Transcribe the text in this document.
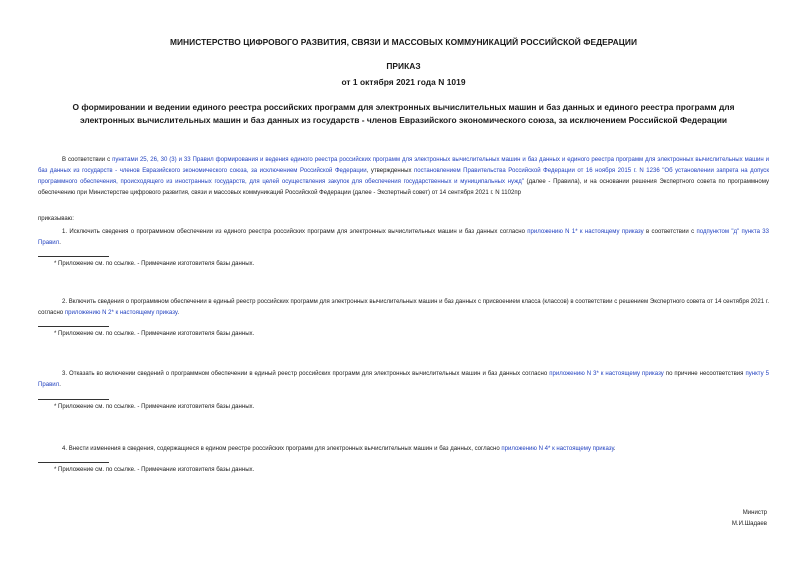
МИНИСТЕРСТВО ЦИФРОВОГО РАЗВИТИЯ, СВЯЗИ И МАССОВЫХ КОММУНИКАЦИЙ РОССИЙСКОЙ ФЕДЕРАЦИИ
ПРИКАЗ
от 1 октября 2021 года N 1019
О формировании и ведении единого реестра российских программ для электронных вычислительных машин и баз данных и единого реестра программ для электронных вычислительных машин и баз данных из государств - членов Евразийского экономического союза, за исключением Российской Федерации
В соответствии с пунктами 25, 26, 30 (3) и 33 Правил формирования и ведения единого реестра российских программ для электронных вычислительных машин и баз данных и единого реестра программ для электронных вычислительных машин и баз данных из государств - членов Евразийского экономического союза, за исключением Российской Федерации, утвержденных постановлением Правительства Российской Федерации от 16 ноября 2015 г. N 1236 "Об установлении запрета на допуск программного обеспечения, происходящего из иностранных государств, для целей осуществления закупок для обеспечения государственных и муниципальных нужд" (далее - Правила), и на основании решения Экспертного совета по программному обеспечению при Министерстве цифрового развития, связи и массовых коммуникаций Российской Федерации (далее - Экспертный совет) от 14 сентября 2021 г. N 1102пр
приказываю:
1. Исключить сведения о программном обеспечении из единого реестра российских программ для электронных вычислительных машин и баз данных согласно приложению N 1* к настоящему приказу в соответствии с подпунктом "д" пункта 33 Правил.
* Приложение см. по ссылке. - Примечание изготовителя базы данных.
2. Включить сведения о программном обеспечении в единый реестр российских программ для электронных вычислительных машин и баз данных с присвоением класса (классов) в соответствии с решением Экспертного совета от 14 сентября 2021 г. согласно приложению N 2* к настоящему приказу.
* Приложение см. по ссылке. - Примечание изготовителя базы данных.
3. Отказать во включении сведений о программном обеспечении в единый реестр российских программ для электронных вычислительных машин и баз данных согласно приложению N 3* к настоящему приказу по причине несоответствия пункту 5 Правил.
* Приложение см. по ссылке. - Примечание изготовителя базы данных.
4. Внести изменения в сведения, содержащиеся в едином реестре российских программ для электронных вычислительных машин и баз данных, согласно приложению N 4* к настоящему приказу.
* Приложение см. по ссылке. - Примечание изготовителя базы данных.
Министр
М.И.Шадаев
